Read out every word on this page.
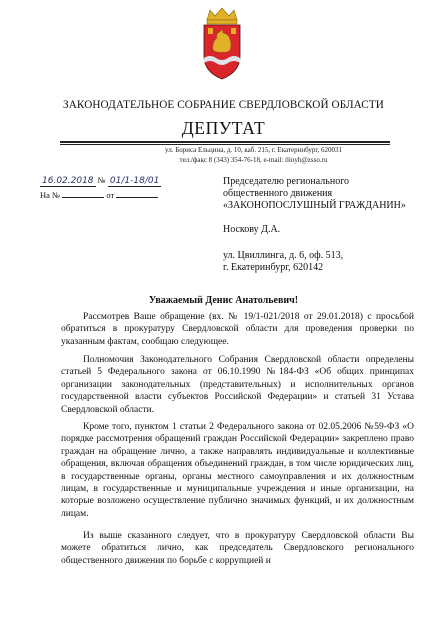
ЗАКОНОДАТЕЛЬНОЕ СОБРАНИЕ СВЕРДЛОВСКОЙ ОБЛАСТИ
ДЕПУТАТ
ул. Бориса Ельцина, д. 10, каб. 215, г. Екатеринбург, 620031
тел./факс 8 (343) 354-76-18, e-mail: ilinyh@zsso.ru
16.02.2018 № 01/1-18/01
На №	от
Председателю регионального
общественного движения
«ЗАКОНОПОСЛУШНЫЙ ГРАЖДАНИН»
Носкову Д.А.
ул. Цвиллинга, д. 6, оф. 513,
г. Екатеринбург, 620142
Уважаемый Денис Анатольевич!

Рассмотрев Ваше обращение (вх. № 19/1-021/2018 от 29.01.2018) с просьбой обратиться в прокуратуру Свердловской области для проведения проверки по указанным фактам, сообщаю следующее.

Полномочия Законодательного Собрания Свердловской области определены статьей 5 Федерального закона от 06.10.1990 №184-ФЗ «Об общих принципах организации законодательных (представительных) и исполнительных органов государственной власти субъектов Российской Федерации» и статьей 31 Устава Свердловской области.

Кроме того, пунктом 1 статьи 2 Федерального закона от 02.05.2006 №59-ФЗ «О порядке рассмотрения обращений граждан Российской Федерации» закреплено право граждан на обращение лично, а также направлять индивидуальные и коллективные обращения, включая обращения объединений граждан, в том числе юридических лиц, в государственные органы, органы местного самоуправления и их должностным лицам, в государственные и муниципальные учреждения и иные организации, на которые возложено осуществление публично значимых функций, и их должностным лицам.

Из выше сказанного следует, что в прокуратуру Свердловской области Вы можете обратиться лично, как председатель Свердловского регионального общественного движения по борьбе с коррупцией и
